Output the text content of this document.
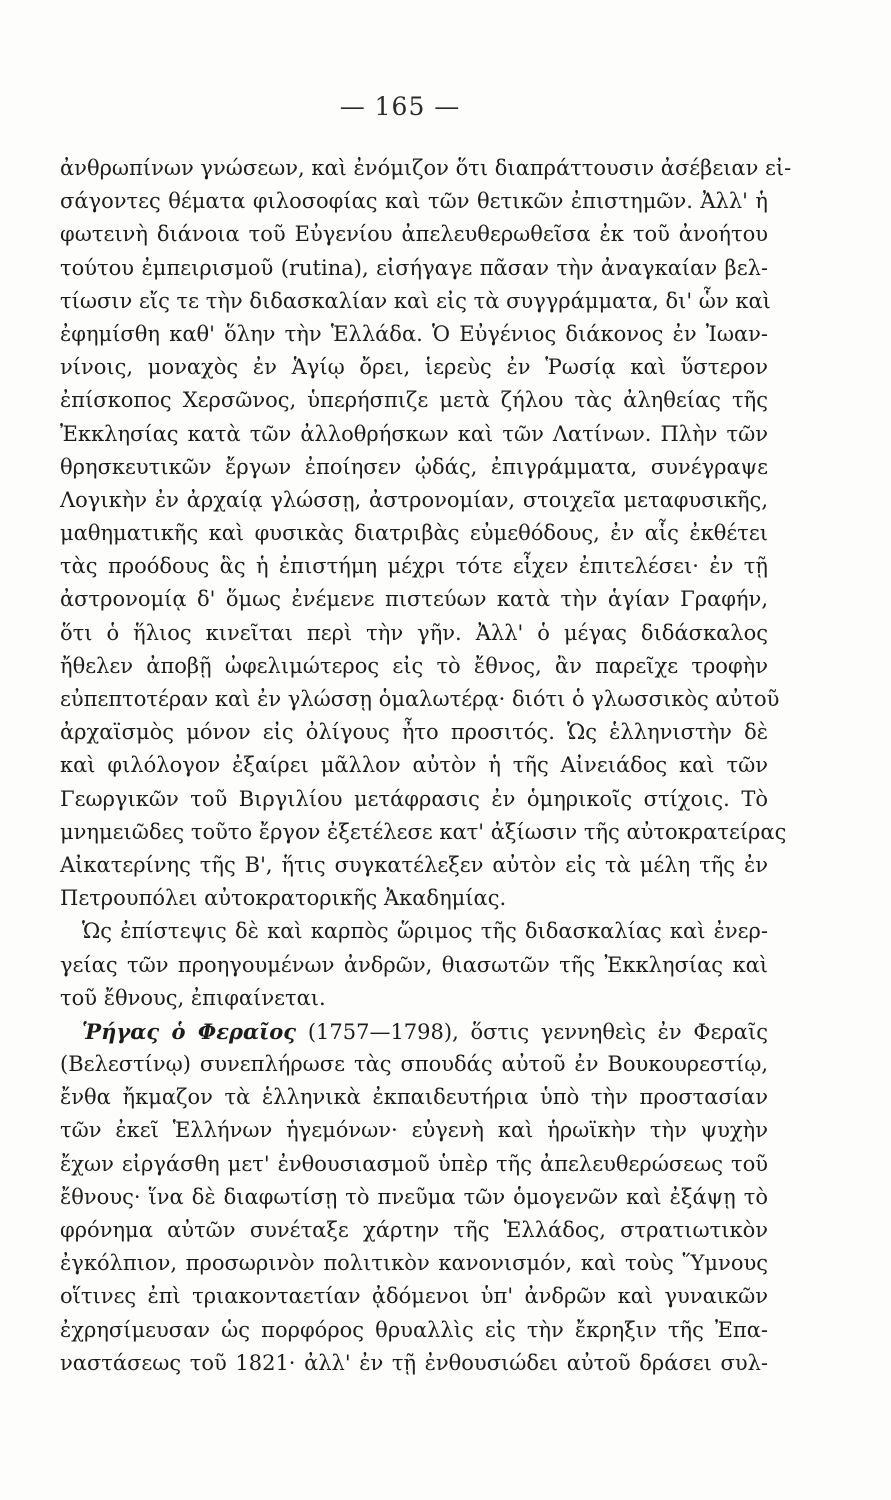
— 165 —
ἀνθρωπίνων γνώσεων, καὶ ἐνόμιζον ὅτι διαπράττουσιν ἀσέβειαν εἰ-
σάγοντες θέματα φιλοσοφίας καὶ τῶν θετικῶν ἐπιστημῶν. Ἀλλ' ἡ
φωτεινὴ διάνοια τοῦ Εὐγενίου ἀπελευθερωθεῖσα ἐκ τοῦ ἀνοήτου
τούτου ἐμπειρισμοῦ (rutina), εἰσήγαγε πᾶσαν τὴν ἀναγκαίαν βελ-
τίωσιν εἴς τε τὴν διδασκαλίαν καὶ εἰς τὰ συγγράμματα, δι' ὧν καὶ
ἐφημίσθη καθ' ὅλην τὴν Ἑλλάδα. Ὁ Εὐγένιος διάκονος ἐν Ἰωαν-
νίνοις, μοναχὸς ἐν Ἁγίῳ ὄρει, ἱερεὺς ἐν Ῥωσίᾳ καὶ ὕστερον
ἐπίσκοπος Χερσῶνος, ὑπερήσπιζε μετὰ ζήλου τὰς ἀληθείας τῆς
Ἐκκλησίας κατὰ τῶν ἀλλοθρήσκων καὶ τῶν Λατίνων. Πλὴν τῶν
θρησκευτικῶν ἔργων ἐποίησεν ᾠδάς, ἐπιγράμματα, συνέγραψε
Λογικὴν ἐν ἀρχαίᾳ γλώσσῃ, ἀστρονομίαν, στοιχεῖα μεταφυσικῆς,
μαθηματικῆς καὶ φυσικὰς διατριβὰς εὐμεθόδους, ἐν αἷς ἐκθέτει
τὰς προόδους ἃς ἡ ἐπιστήμη μέχρι τότε εἶχεν ἐπιτελέσει· ἐν τῇ
ἀστρονομίᾳ δ' ὅμως ἐνέμενε πιστεύων κατὰ τὴν ἁγίαν Γραφήν,
ὅτι ὁ ἥλιος κινεῖται περὶ τὴν γῆν. Ἀλλ' ὁ μέγας διδάσκαλος
ἤθελεν ἀποβῇ ὠφελιμώτερος εἰς τὸ ἔθνος, ἂν παρεῖχε τροφὴν
εὐπεπτοτέραν καὶ ἐν γλώσσῃ ὁμαλωτέρᾳ· διότι ὁ γλωσσικὸς αὐτοῦ
ἀρχαϊσμὸς μόνον εἰς ὀλίγους ἦτο προσιτός. Ὡς ἑλληνιστὴν δὲ
καὶ φιλόλογον ἐξαίρει μᾶλλον αὐτὸν ἡ τῆς Αἰνειάδος καὶ τῶν
Γεωργικῶν τοῦ Βιργιλίου μετάφρασις ἐν ὁμηρικοῖς στίχοις. Τὸ
μνημειῶδες τοῦτο ἔργον ἐξετέλεσε κατ' ἀξίωσιν τῆς αὐτοκρατείρας
Αἰκατερίνης τῆς Β', ἥτις συγκατέλεξεν αὐτὸν εἰς τὰ μέλη τῆς ἐν
Πετρουπόλει αὐτοκρατορικῆς Ἀκαδημίας.
Ὡς ἐπίστεψις δὲ καὶ καρπὸς ὥριμος τῆς διδασκαλίας καὶ ἐνερ-
γείας τῶν προηγουμένων ἀνδρῶν, θιασωτῶν τῆς Ἐκκλησίας καὶ
τοῦ ἔθνους, ἐπιφαίνεται.
Ῥήγας ὁ Φεραῖος (1757—1798), ὅστις γεννηθεὶς ἐν Φεραῖς
(Βελεστίνῳ) συνεπλήρωσε τὰς σπουδάς αὐτοῦ ἐν Βουκουρεστίῳ,
ἔνθα ἤκμαζον τὰ ἑλληνικὰ ἐκπαιδευτήρια ὑπὸ τὴν προστασίαν
τῶν ἐκεῖ Ἑλλήνων ἡγεμόνων· εὐγενὴ καὶ ἡρωϊκὴν τὴν ψυχὴν
ἔχων εἰργάσθη μετ' ἐνθουσιασμοῦ ὑπὲρ τῆς ἀπελευθερώσεως τοῦ
ἔθνους· ἵνα δὲ διαφωτίσῃ τὸ πνεῦμα τῶν ὁμογενῶν καὶ ἐξάψῃ τὸ
φρόνημα αὐτῶν συνέταξε χάρτην τῆς Ἑλλάδος, στρατιωτικὸν
ἐγκόλπιον, προσωρινὸν πολιτικὸν κανονισμόν, καὶ τοὺς Ὕμνους
οἵτινες ἐπὶ τριακονταετίαν ᾀδόμενοι ὑπ' ἀνδρῶν καὶ γυναικῶν
ἐχρησίμευσαν ὡς πορφόρος θρυαλλὶς εἰς τὴν ἔκρηξιν τῆς Ἐπα-
ναστάσεως τοῦ 1821· ἀλλ' ἐν τῇ ἐνθουσιώδει αὐτοῦ δράσει συλ-
